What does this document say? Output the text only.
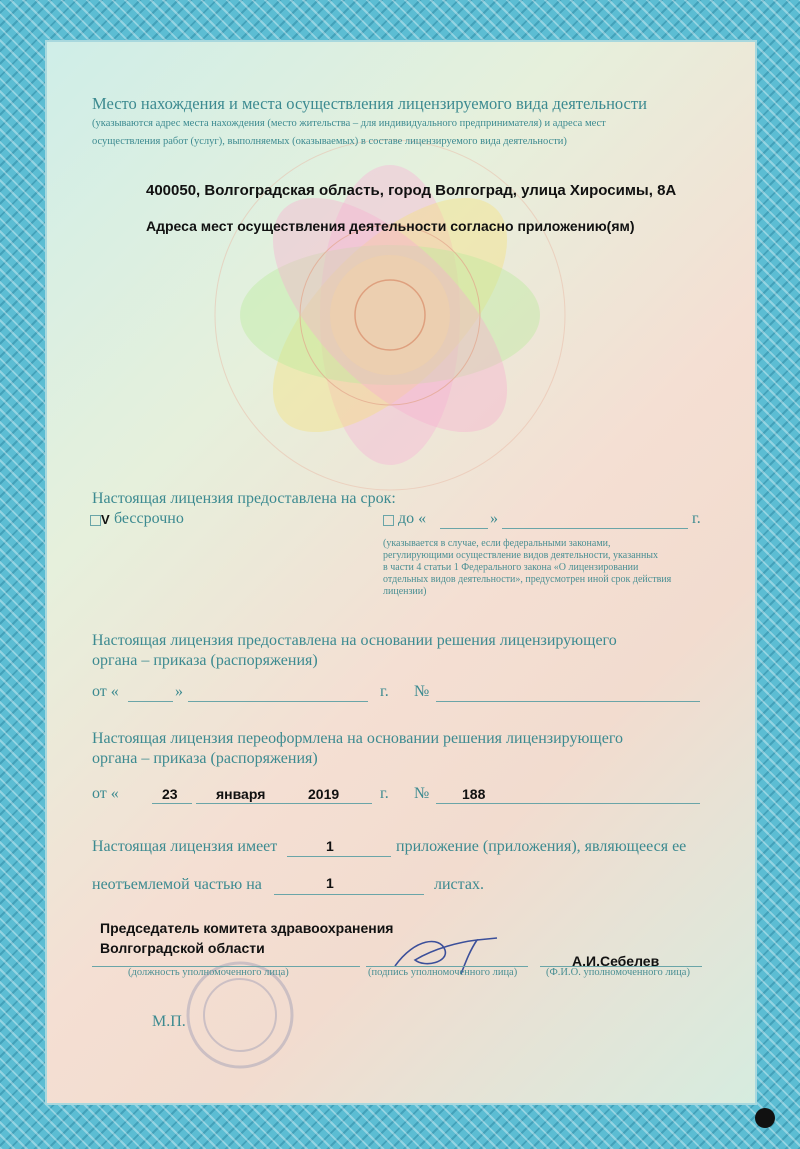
Место нахождения и места осуществления лицензируемого вида деятельности

(указываются адрес места нахождения (место жительства – для индивидуального предпринимателя) и адреса мест

осуществления работ (услуг), выполняемых (оказываемых) в составе лицензируемого вида деятельности)

400050, Волгоградская область, город Волгоград, улица Хиросимы, 8А

Адреса мест осуществления деятельности согласно приложению(ям)

Настоящая лицензия предоставлена на срок:

V бессрочно	до «	»	г.

(указывается в случае, если федеральными законами,

регулирующими осуществление видов деятельности, указанных

в части 4 статьи 1 Федерального закона «О лицензировании

отдельных видов деятельности», предусмотрен иной срок действия

лицензии)

Настоящая лицензия предоставлена на основании решения лицензирующего

органа – приказа (распоряжения)

от «	»	г. №

Настоящая лицензия переоформлена на основании решения лицензирующего

органа – приказа (распоряжения)

от «	23	января	2019	г. № 188

Настоящая лицензия имеет	1	приложение (приложения), являющееся ее

неотъемлемой частью на	1	листах.

Председатель комитета здравоохранения

Волгоградской области

А.И.Себелев

(должность уполномоченного лица)	(подпись уполномоченного лица)	(Ф.И.О. уполномоченного лица)

М.П.
